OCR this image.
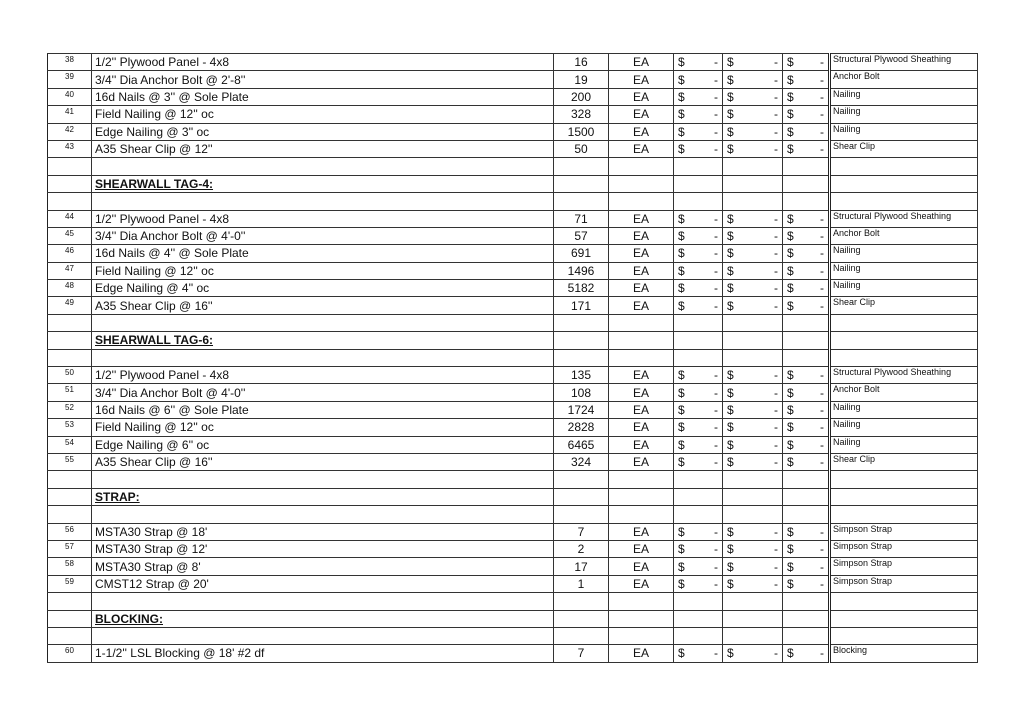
38	1/2'' Plywood Panel - 4x8	16	EA	$ -	$ -	$ -	Structural Plywood Sheathing
39	3/4'' Dia Anchor Bolt @ 2'-8''	19	EA	$ -	$ -	$ -	Anchor Bolt
40	16d Nails @ 3'' @ Sole Plate	200	EA	$ -	$ -	$ -	Nailing
41	Field Nailing @ 12'' oc	328	EA	$ -	$ -	$ -	Nailing
42	Edge Nailing @ 3'' oc	1500	EA	$ -	$ -	$ -	Nailing
43	A35 Shear Clip @ 12''	50	EA	$ -	$ -	$ -	Shear Clip

	SHEARWALL TAG-4:						

44	1/2'' Plywood Panel - 4x8	71	EA	$ -	$ -	$ -	Structural Plywood Sheathing
45	3/4'' Dia Anchor Bolt @ 4'-0''	57	EA	$ -	$ -	$ -	Anchor Bolt
46	16d Nails @ 4'' @ Sole Plate	691	EA	$ -	$ -	$ -	Nailing
47	Field Nailing @ 12'' oc	1496	EA	$ -	$ -	$ -	Nailing
48	Edge Nailing @ 4'' oc	5182	EA	$ -	$ -	$ -	Nailing
49	A35 Shear Clip @ 16''	171	EA	$ -	$ -	$ -	Shear Clip

	SHEARWALL TAG-6:						

50	1/2'' Plywood Panel - 4x8	135	EA	$ -	$ -	$ -	Structural Plywood Sheathing
51	3/4'' Dia Anchor Bolt @ 4'-0''	108	EA	$ -	$ -	$ -	Anchor Bolt
52	16d Nails @ 6'' @ Sole Plate	1724	EA	$ -	$ -	$ -	Nailing
53	Field Nailing @ 12'' oc	2828	EA	$ -	$ -	$ -	Nailing
54	Edge Nailing @ 6'' oc	6465	EA	$ -	$ -	$ -	Nailing
55	A35 Shear Clip @ 16''	324	EA	$ -	$ -	$ -	Shear Clip

	STRAP:						

56	MSTA30 Strap @ 18'	7	EA	$ -	$ -	$ -	Simpson Strap
57	MSTA30 Strap @ 12'	2	EA	$ -	$ -	$ -	Simpson Strap
58	MSTA30 Strap @ 8'	17	EA	$ -	$ -	$ -	Simpson Strap
59	CMST12 Strap @ 20'	1	EA	$ -	$ -	$ -	Simpson Strap

	BLOCKING:						

60	1-1/2'' LSL Blocking @ 18' #2 df	7	EA	$ -	$ -	$ -	Blocking
